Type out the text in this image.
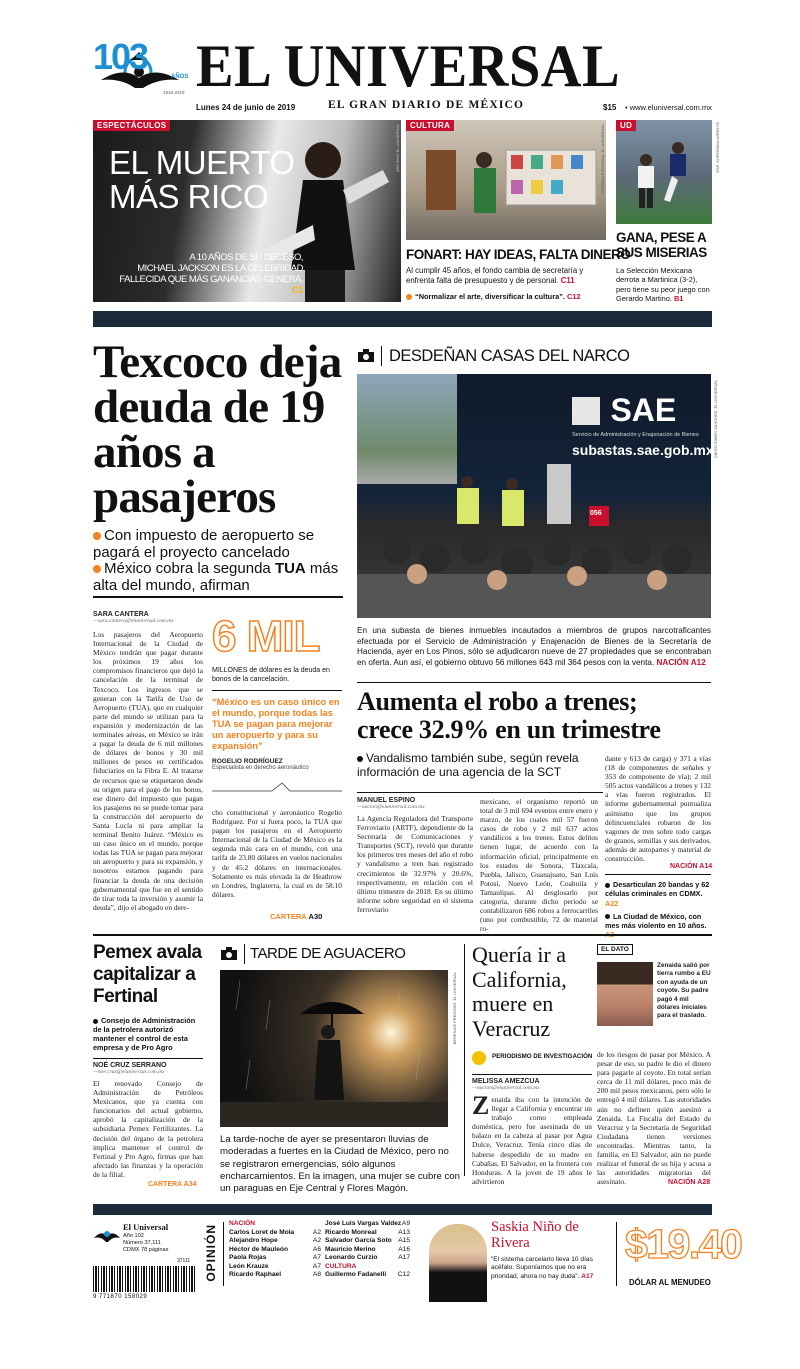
103	AÑOS
1916-2019 EL UNIVERSAL
Lunes 24 de junio de 2019	EL GRAN DIARIO DE MÉXICO	$15 • www.eluniversal.com.mx
ESPECTÁCULOS
EL MUERTO
MÁS RICO
A 10 AÑOS DE SU DECESO,
MICHAEL JACKSON ES LA CELEBRIDAD
FALLECIDA QUE MÁS GANANCIAS GENERA. C1
ARCHIVO EL UNIVERSAL	CULTURA	GERMÁN ESPINOSA. EL UNIVERSAL
FONART: HAY IDEAS, FALTA DINERO
Al cumplir 45 años, el fondo cambia de secretaría y enfrenta falta de presupuesto y de personal. C11
“Normalizar el arte, diversificar la cultura”. C12
UD	ESP. SUPERMAN ARROYO
GANA, PESE A
SUS MISERIAS
La Selección Mexicana derrota a Martinica (3-2), pero tiene su peor juego con Gerardo Martino. B1
Texcoco deja deuda de 19 años a pasajeros
Con impuesto de aeropuerto se pagará el proyecto cancelado
México cobra la segunda TUA más alta del mundo, afirman
SARA CANTERA
—sara.cantera@eluniversal.com.mx
Los pasajeros del Aeropuerto Internacional de la Ciudad de México tendrán que pagar durante los próximos 19 años los compromisos financieros que dejó la cancelación de la terminal de Texcoco. Los ingresos que se generan con la Tarifa de Uso de Aeropuerto (TUA), que en cualquier parte del mundo se utilizan para la expansión y modernización de las terminales aéreas, en México se irán a pagar la deuda de 6 mil millones de dólares de bonos y 30 mil millones de pesos en certificados fiduciarios en la Fibra E. Al tratarse de recursos que se etiquetaron desde su origen para el pago de los bonos, ese dinero del impuesto que pagan los pasajeros no se puede tomar para la construcción del aeropuerto de Santa Lucía ni para ampliar la terminal Benito Juárez. “México es un caso único en el mundo, porque todas las TUA se pagan para mejorar un aeropuerto y para su expansión, y nosotros estamos pagando para financiar la deuda de una decisión gubernamental que fue en el sentido de tirar toda la inversión y asumir la deuda”, dijo el abogado en dere-
6 MIL
MILLONES de dólares es la deuda en bonos de la cancelación.
“México es un caso único en el mundo, porque todas las TUA se pagan para mejorar un aeropuerto y para su expansión”
ROGELIO RODRÍGUEZ
Especialista en derecho aeronáutico
cho constitucional y aeronáutico Rogelio Rodríguez. Por si fuera poco, la TUA que pagan los pasajeros en el Aeropuerto Internacional de la Ciudad de México es la segunda más cara en el mundo, con una tarifa de 23.80 dólares en vuelos nacionales y de 45.2 dólares en internacionales. Solamente es más elevada la de Heathrow en Londres, Inglaterra, la cual es de 58.10 dólares.
CARTERA A30
DESDEÑAN CASAS DEL NARCO
SAE
Servicio de Administración y Enajenación de Bienes
subastas.sae.gob.mx
056
DIEGO SIMÓN SÁNCHEZ. EL UNIVERSAL
En una subasta de bienes inmuebles incautados a miembros de grupos narcotraficantes efectuada por el Servicio de Administración y Enajenación de Bienes de la Secretaría de Hacienda, ayer en Los Pinos, sólo se adjudicaron nueve de 27 propiedades que se encontraban en oferta. Aun así, el gobierno obtuvo 56 millones 643 mil 364 pesos con la venta. NACIÓN A12
Aumenta el robo a trenes;
crece 32.9% en un trimestre
Vandalismo también sube, según revela información de una agencia de la SCT
MANUEL ESPINO
—nacion@eluniversal.com.mx
La Agencia Reguladora del Transporte Ferroviario (ARTF), dependiente de la Secretaría de Comunicaciones y Transportes (SCT), reveló que durante los primeros tres meses del año el robo y vandalismo a tren han registrado crecimientos de 32.97% y 20.6%, respectivamente, en relación con el último trimestre de 2018. En su último informe sobre seguridad en el sistema ferroviario
mexicano, el organismo reportó un total de 3 mil 694 eventos entre enero y marzo, de los cuales mil 57 fueron casos de robo y 2 mil 637 actos vandálicos a los trenes. Estos delitos tienen lugar, de acuerdo con la información oficial, principalmente en los estados de Sonora, Tlaxcala, Puebla, Jalisco, Guanajuato, San Luis Potosí, Nuevo León, Coahuila y Tamaulipas. Al desglosarlo por categoría, durante dicho periodo se contabilizaron 686 robos a ferrocarriles (uno por combustible, 72 de material ro-
dante y 613 de carga) y 371 a vías (18 de componentes de señales y 353 de componente de vía); 2 mil 505 actos vandálicos a trenes y 132 a vías fueron registrados. El informe gubernamental puntualiza asimismo que los grupos delincuenciales robaron de los vagones de tren sobre todo cargas de granos, semillas y sus derivados, además de autopartes y material de construcción.
NACIÓN A14
Desarticulan 20 bandas y 62 células criminales en CDMX. A22
La Ciudad de México, con mes más violento en 10 años.
Pemex avala capitalizar a Fertinal
Consejo de Administración de la petrolera autorizó mantener el control de esta empresa y de Pro Agro
NOÉ CRUZ SERRANO
—noe.cruz@eluniversal.com.mx
El renovado Consejo de Administración de Petróleos Mexicanos, que ya cuenta con funcionarios del actual gobierno, aprobó la capitalización de la subsidiaria Pemex Fertilizantes. La decisión del órgano de la petrolera implica mantener el control de Fertinal y Pro Agro, firmas que han afectado las finanzas y la operación de la filial.
CARTERA A34
TARDE DE AGUACERO
BERENICE FREGOSO. EL UNIVERSAL
La tarde-noche de ayer se presentaron lluvias de moderadas a fuertes en la Ciudad de México, pero no se registraron emergencias, sólo algunos encharcamientos. En la imagen, una mujer se cubre con un paraguas en Eje Central y Flores Magón.
Quería ir a California, muere en Veracruz
EL DATO
Zenaida salió por tierra rumbo a EU con ayuda de un coyote. Su padre pagó 4 mil dólares iniciales para el traslado.
PERIODISMO DE INVESTIGACIÓN
MELISSA AMEZCUA
—nacion@eluniversal.com.mx
Zenaida iba con la intención de llegar a California y encontrar un trabajo como empleada doméstica, pero fue asesinada de un balazo en la cabeza al pasar por Agua Dulce, Veracruz. Tenía cinco días de haberse despedido de su madre en Cabañas, El Salvador, en la frontera con Honduras. A la joven de 19 años le advirtieron
de los riesgos de pasar por México. A pesar de eso, su padre le dio el dinero para pagarle al coyote. En total serían cerca de 11 mil dólares, poco más de 200 mil pesos mexicanos, pero sólo le entregó 4 mil dólares. Las autoridades aún no definen quién asesinó a Zenaida. La Fiscalía del Estado de Veracruz y la Secretaría de Seguridad Ciudadana tienen versiones encontradas. Mientras tanto, la familia, en El Salvador, aún no puede realizar el funeral de su hija y acusa a las autoridades migratorias del asesinato.	NACIÓN A28
El Universal
Año 102
Número 37,111
CDMX 78 páginas
37111
9 771870 158029
OPINIÓN
NACIÓN
Carlos Loret de Mola	A2
Alejandro Hope	A2
Héctor de Mauleón	A6
Paola Rojas	A7
León Krauze	A7
Ricardo Raphael	A8
José Luis Vargas Valdez A9
Ricardo Monreal	A13
Salvador García Soto A15
Mauricio Merino	A16
Leonardo Curzio	A17
CULTURA
Guillermo Fadanelli C12
Saskia Niño de Rivera
“El sistema carcelario lleva 10 días acéfalo. Suponíamos que no era prioridad, ahora no hay duda”. A17
$19.40
DÓLAR AL MENUDEO
